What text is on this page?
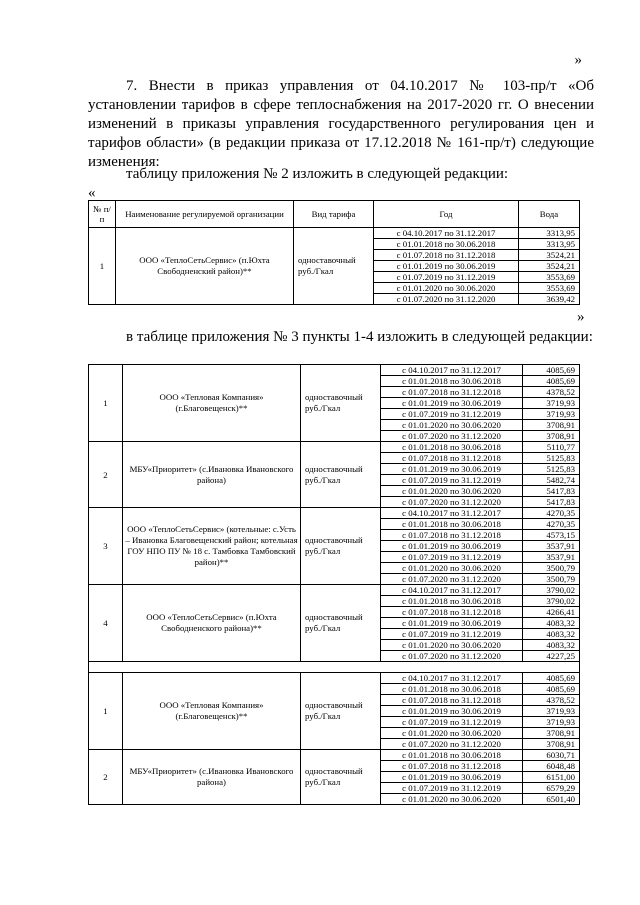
»
7. Внести в приказ управления от 04.10.2017 № 103-пр/т «Об установлении тарифов в сфере теплоснабжения на 2017-2020 гг. О внесении изменений в приказы управления государственного регулирования цен и тарифов области» (в редакции приказа от 17.12.2018 № 161-пр/т) следующие изменения:
таблицу приложения № 2 изложить в следующей редакции:
«
№ п/п	Наименование регулируемой организации	Вид тарифа	Год	Вода
1	ООО «ТеплоСетьСервис» (п.Юхта Свободненский район)**	одноставочный руб./Гкал	с 04.10.2017 по 31.12.2017	3313,95
			с 01.01.2018 по 30.06.2018	3313,95
			с 01.07.2018 по 31.12.2018	3524,21
			с 01.01.2019 по 30.06.2019	3524,21
			с 01.07.2019 по 31.12.2019	3553,69
			с 01.01.2020 по 30.06.2020	3553,69
			с 01.07.2020 по 31.12.2020	3639,42
»
в таблице приложения № 3 пункты 1-4 изложить в следующей редакции:
1	ООО «Тепловая Компания» (г.Благовещенск)**	одноставочный руб./Гкал	с 04.10.2017 по 31.12.2017	4085,69
			с 01.01.2018 по 30.06.2018	4085,69
			с 01.07.2018 по 31.12.2018	4378,52
			с 01.01.2019 по 30.06.2019	3719,93
			с 01.07.2019 по 31.12.2019	3719,93
			с 01.01.2020 по 30.06.2020	3708,91
			с 01.07.2020 по 31.12.2020	3708,91
2	МБУ«Приоритет» (с.Ивановка Ивановского района)	одноставочный руб./Гкал	с 01.01.2018 по 30.06.2018	5110,77
			с 01.07.2018 по 31.12.2018	5125,83
			с 01.01.2019 по 30.06.2019	5125,83
			с 01.07.2019 по 31.12.2019	5482,74
			с 01.01.2020 по 30.06.2020	5417,83
			с 01.07.2020 по 31.12.2020	5417,83
3	ООО «ТеплоСетьСервис» (котельные: с.Усть – Ивановка Благовещенский район; котельная ГОУ НПО ПУ № 18 с. Тамбовка Тамбовский район)**	одноставочный руб./Гкал	с 04.10.2017 по 31.12.2017	4270,35
			с 01.01.2018 по 30.06.2018	4270,35
			с 01.07.2018 по 31.12.2018	4573,15
			с 01.01.2019 по 30.06.2019	3537,91
			с 01.07.2019 по 31.12.2019	3537,91
			с 01.01.2020 по 30.06.2020	3500,79
			с 01.07.2020 по 31.12.2020	3500,79
4	ООО «ТеплоСетьСервис» (п.Юхта Свободненского района)**	одноставочный руб./Гкал	с 04.10.2017 по 31.12.2017	3790,02
			с 01.01.2018 по 30.06.2018	3790,02
			с 01.07.2018 по 31.12.2018	4266,41
			с 01.01.2019 по 30.06.2019	4083,32
			с 01.07.2019 по 31.12.2019	4083,32
			с 01.01.2020 по 30.06.2020	4083,32
			с 01.07.2020 по 31.12.2020	4227,25

1	ООО «Тепловая Компания» (г.Благовещенск)**	одноставочный руб./Гкал	с 04.10.2017 по 31.12.2017	4085,69
			с 01.01.2018 по 30.06.2018	4085,69
			с 01.07.2018 по 31.12.2018	4378,52
			с 01.01.2019 по 30.06.2019	3719,93
			с 01.07.2019 по 31.12.2019	3719,93
			с 01.01.2020 по 30.06.2020	3708,91
			с 01.07.2020 по 31.12.2020	3708,91
2	МБУ«Приоритет» (с.Ивановка Ивановского района)	одноставочный руб./Гкал	с 01.01.2018 по 30.06.2018	6030,71
			с 01.07.2018 по 31.12.2018	6048,48
			с 01.01.2019 по 30.06.2019	6151,00
			с 01.07.2019 по 31.12.2019	6579,29
			с 01.01.2020 по 30.06.2020	6501,40
